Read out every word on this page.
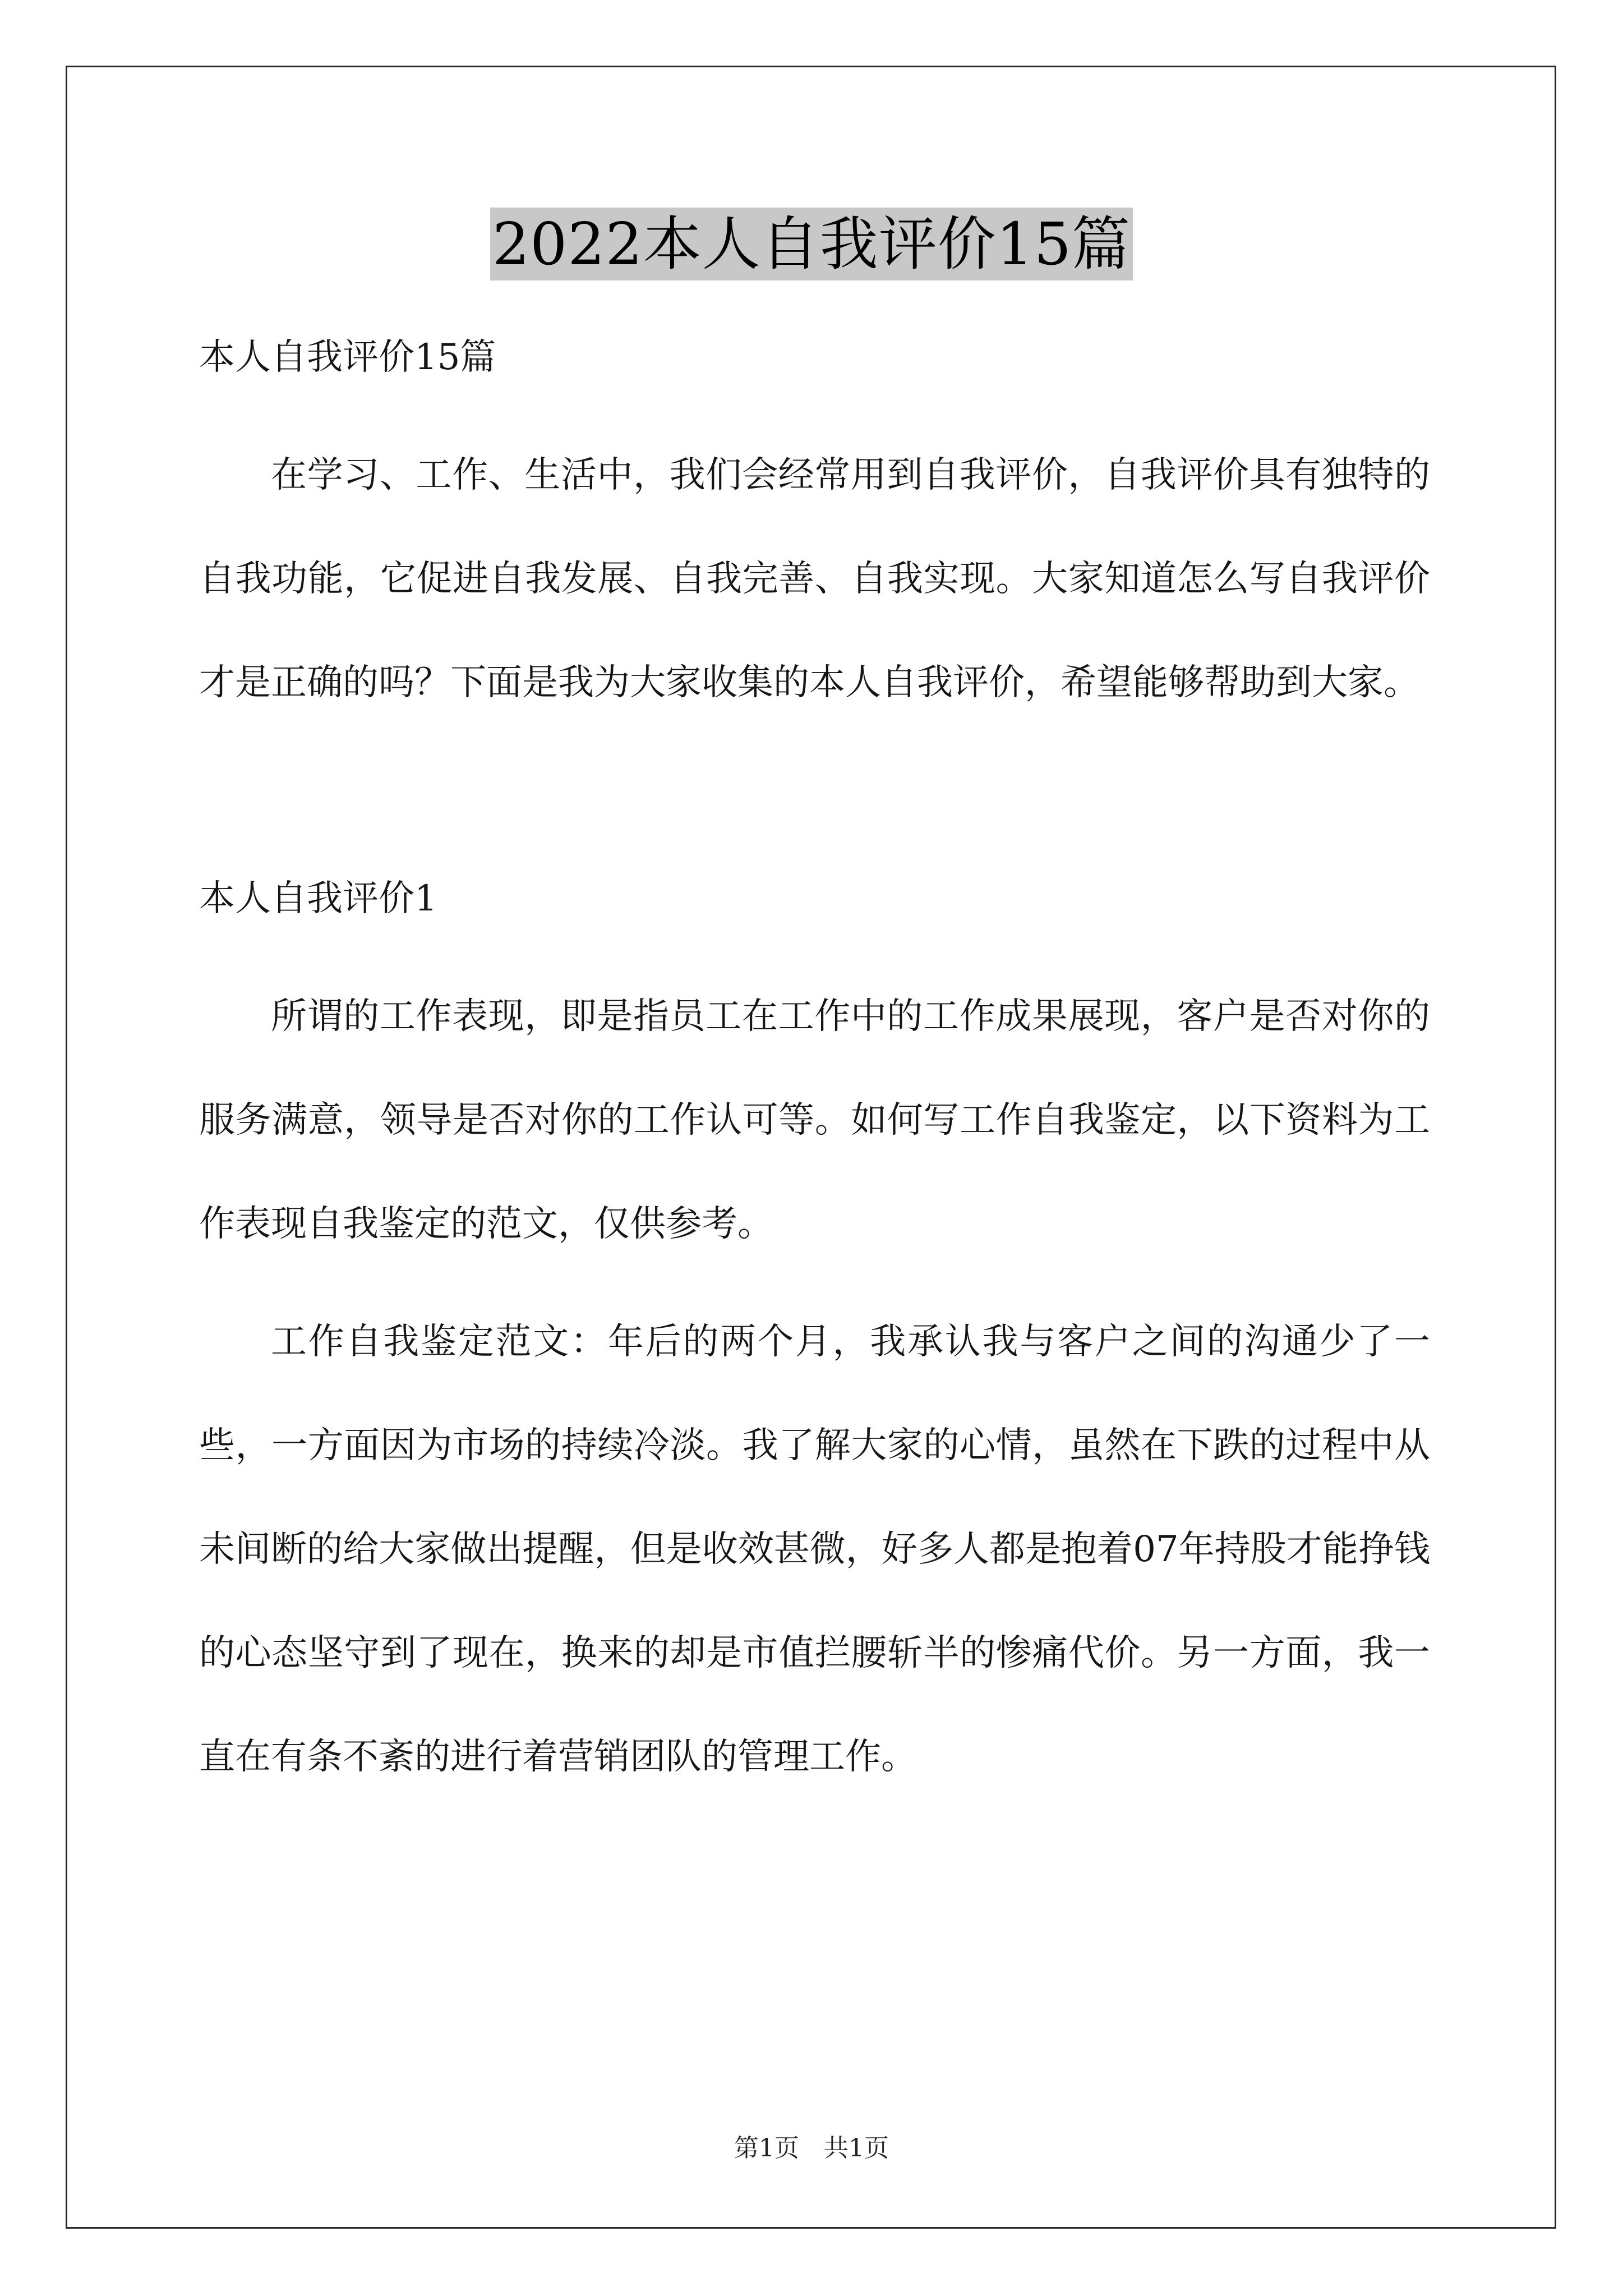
2022本人自我评价15篇

本人自我评价15篇

在学习、工作、生活中，我们会经常用到自我评价，自我评价具有独特的自我功能，它促进自我发展、自我完善、自我实现。大家知道怎么写自我评价才是正确的吗？下面是我为大家收集的本人自我评价，希望能够帮助到大家。

本人自我评价1

所谓的工作表现，即是指员工在工作中的工作成果展现，客户是否对你的服务满意，领导是否对你的工作认可等。如何写工作自我鉴定，以下资料为工作表现自我鉴定的范文，仅供参考。

工作自我鉴定范文：年后的两个月，我承认我与客户之间的沟通少了一些，一方面因为市场的持续冷淡。我了解大家的心情，虽然在下跌的过程中从未间断的给大家做出提醒，但是收效甚微，好多人都是抱着07年持股才能挣钱的心态坚守到了现在，换来的却是市值拦腰斩半的惨痛代价。另一方面，我一直在有条不紊的进行着营销团队的管理工作。

第1页　共1页
